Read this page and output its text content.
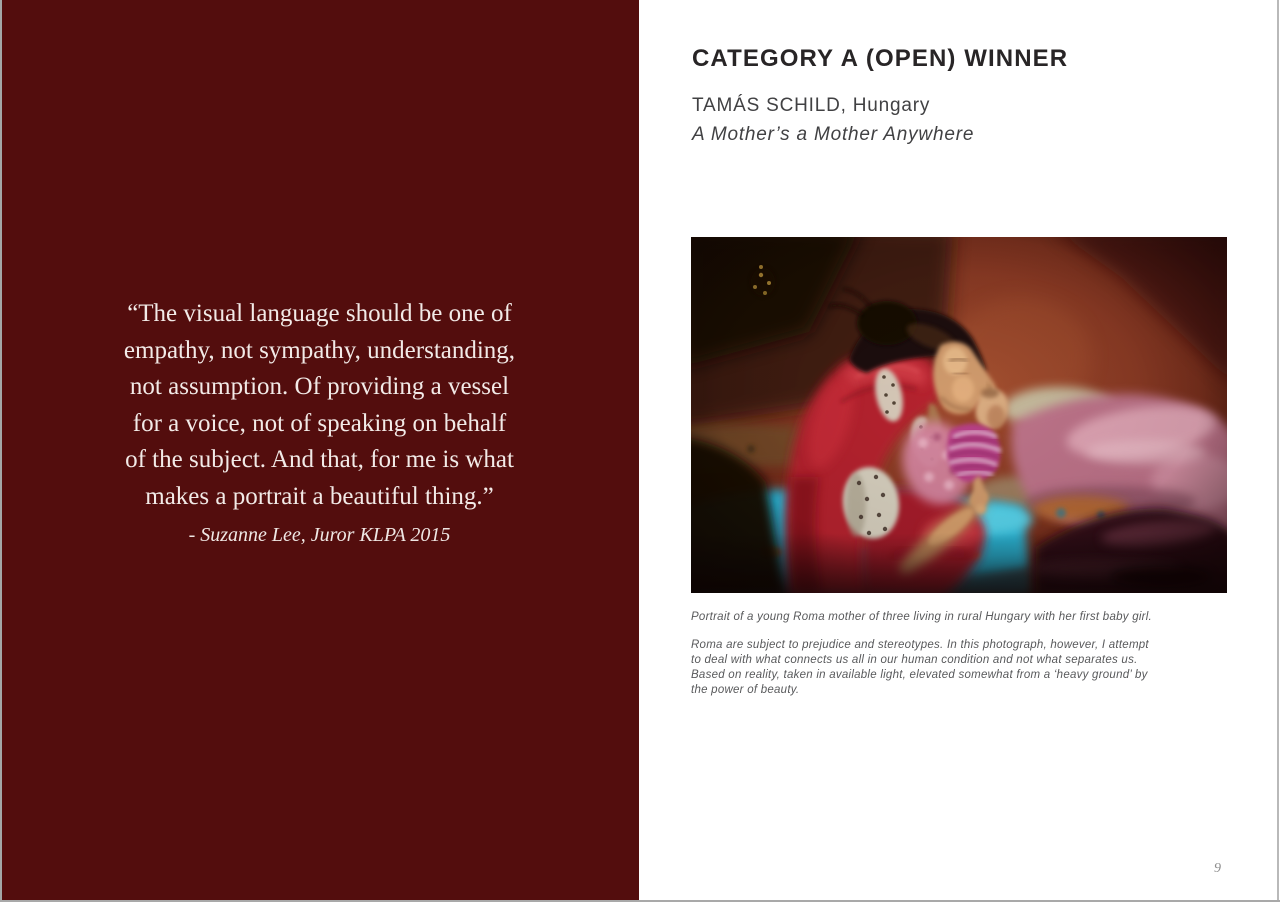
“The visual language should be one of
empathy, not sympathy, understanding,
not assumption. Of providing a vessel
for a voice, not of speaking on behalf
of the subject. And that, for me is what
makes a portrait a beautiful thing.”
- Suzanne Lee, Juror KLPA 2015
CATEGORY A (OPEN) WINNER
TAMÁS SCHILD, Hungary
A Mother’s a Mother Anywhere

Portrait of a young Roma mother of three living in rural Hungary with her first baby girl.

Roma are subject to prejudice and stereotypes. In this photograph, however, I attempt to deal with what connects us all in our human condition and not what separates us. Based on reality, taken in available light, elevated somewhat from a ‘heavy ground’ by the power of beauty.

9
